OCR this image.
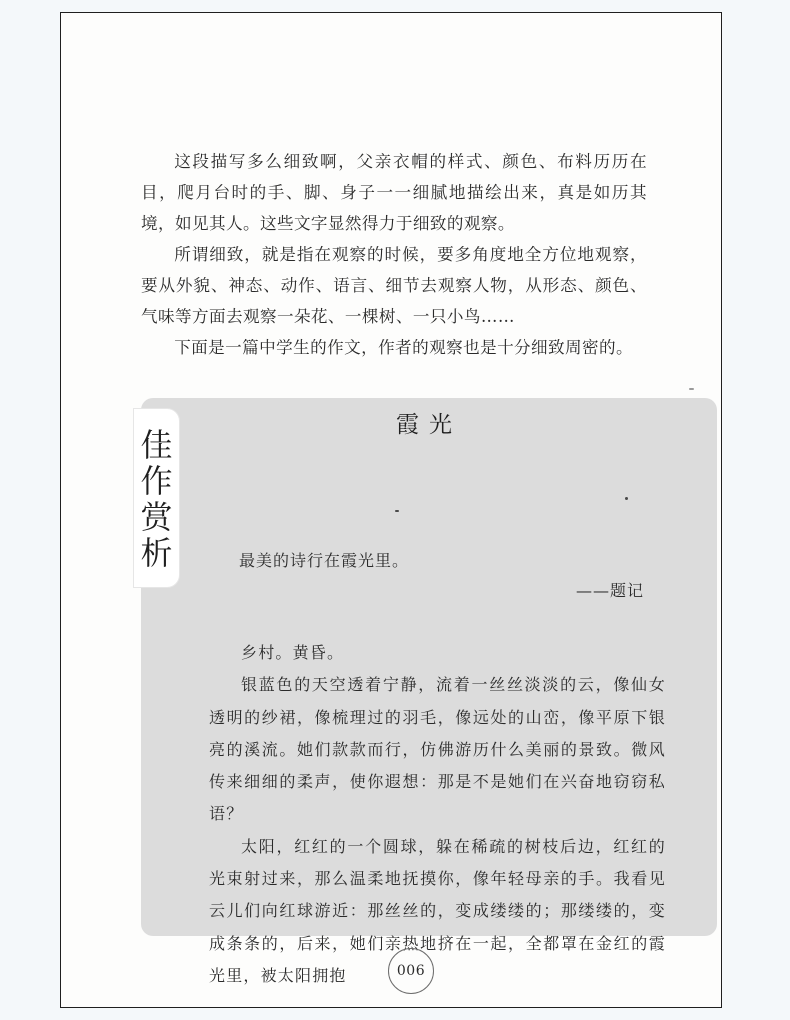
这段描写多么细致啊，父亲衣帽的样式、颜色、布料历历在目，爬月台时的手、脚、身子一一细腻地描绘出来，真是如历其境，如见其人。这些文字显然得力于细致的观察。

所谓细致，就是指在观察的时候，要多角度地全方位地观察，要从外貌、神态、动作、语言、细节去观察人物，从形态、颜色、气味等方面去观察一朵花、一棵树、一只小鸟……

下面是一篇中学生的作文，作者的观察也是十分细致周密的。

佳
作
赏
析
霞光
最美的诗行在霞光里。
——题记

乡村。黄昏。

银蓝色的天空透着宁静，流着一丝丝淡淡的云，像仙女透明的纱裙，像梳理过的羽毛，像远处的山峦，像平原下银亮的溪流。她们款款而行，仿佛游历什么美丽的景致。微风传来细细的柔声，使你遐想：那是不是她们在兴奋地窃窃私语？

太阳，红红的一个圆球，躲在稀疏的树枝后边，红红的光束射过来，那么温柔地抚摸你，像年轻母亲的手。我看见云儿们向红球游近：那丝丝的，变成缕缕的；那缕缕的，变成条条的，后来，她们亲热地挤在一起，全都罩在金红的霞光里，被太阳拥抱	006
